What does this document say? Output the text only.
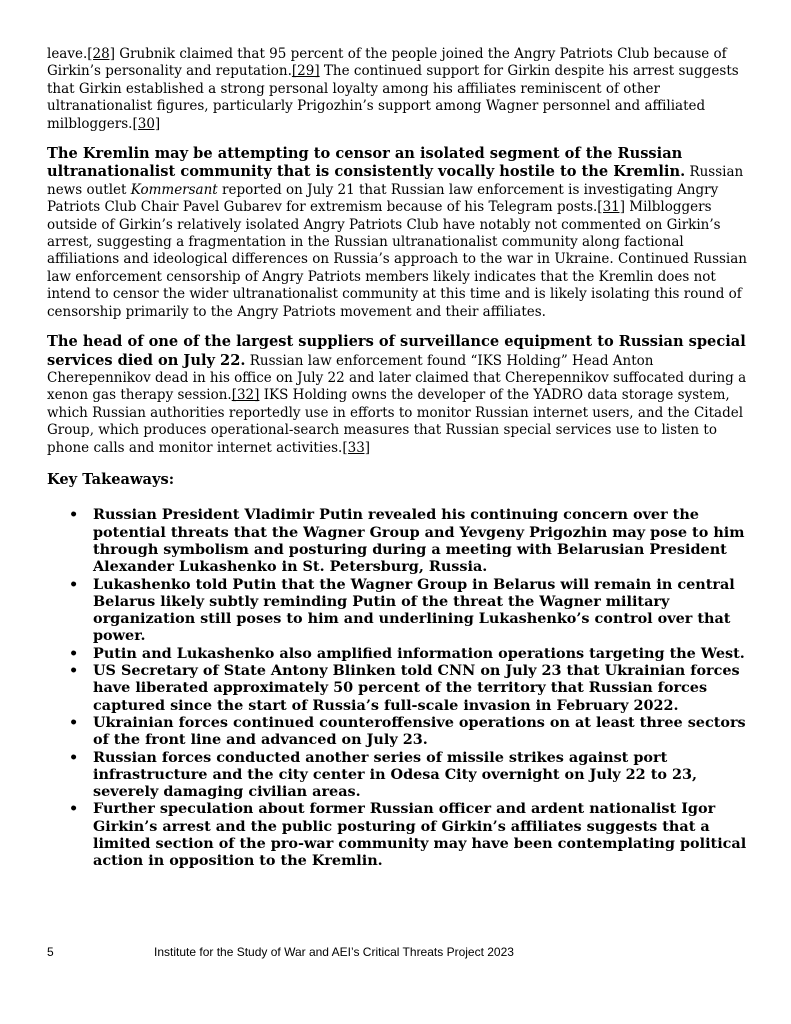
leave.[28] Grubnik claimed that 95 percent of the people joined the Angry Patriots Club because of Girkin’s personality and reputation.[29] The continued support for Girkin despite his arrest suggests that Girkin established a strong personal loyalty among his affiliates reminiscent of other ultranationalist figures, particularly Prigozhin’s support among Wagner personnel and affiliated milbloggers.[30]

The Kremlin may be attempting to censor an isolated segment of the Russian ultranationalist community that is consistently vocally hostile to the Kremlin. Russian news outlet Kommersant reported on July 21 that Russian law enforcement is investigating Angry Patriots Club Chair Pavel Gubarev for extremism because of his Telegram posts.[31] Milbloggers outside of Girkin’s relatively isolated Angry Patriots Club have notably not commented on Girkin’s arrest, suggesting a fragmentation in the Russian ultranationalist community along factional affiliations and ideological differences on Russia’s approach to the war in Ukraine. Continued Russian law enforcement censorship of Angry Patriots members likely indicates that the Kremlin does not intend to censor the wider ultranationalist community at this time and is likely isolating this round of censorship primarily to the Angry Patriots movement and their affiliates.

The head of one of the largest suppliers of surveillance equipment to Russian special services died on July 22. Russian law enforcement found “IKS Holding” Head Anton Cherepennikov dead in his office on July 22 and later claimed that Cherepennikov suffocated during a xenon gas therapy session.[32] IKS Holding owns the developer of the YADRO data storage system, which Russian authorities reportedly use in efforts to monitor Russian internet users, and the Citadel Group, which produces operational-search measures that Russian special services use to listen to phone calls and monitor internet activities.[33]

Key Takeaways:
• Russian President Vladimir Putin revealed his continuing concern over the potential threats that the Wagner Group and Yevgeny Prigozhin may pose to him through symbolism and posturing during a meeting with Belarusian President Alexander Lukashenko in St. Petersburg, Russia.
• Lukashenko told Putin that the Wagner Group in Belarus will remain in central Belarus likely subtly reminding Putin of the threat the Wagner military organization still poses to him and underlining Lukashenko’s control over that power.
• Putin and Lukashenko also amplified information operations targeting the West.
• US Secretary of State Antony Blinken told CNN on July 23 that Ukrainian forces have liberated approximately 50 percent of the territory that Russian forces captured since the start of Russia’s full-scale invasion in February 2022.
• Ukrainian forces continued counteroffensive operations on at least three sectors of the front line and advanced on July 23.
• Russian forces conducted another series of missile strikes against port infrastructure and the city center in Odesa City overnight on July 22 to 23, severely damaging civilian areas.
• Further speculation about former Russian officer and ardent nationalist Igor Girkin’s arrest and the public posturing of Girkin’s affiliates suggests that a limited section of the pro-war community may have been contemplating political action in opposition to the Kremlin.
5	Institute for the Study of War and AEI’s Critical Threats Project 2023
